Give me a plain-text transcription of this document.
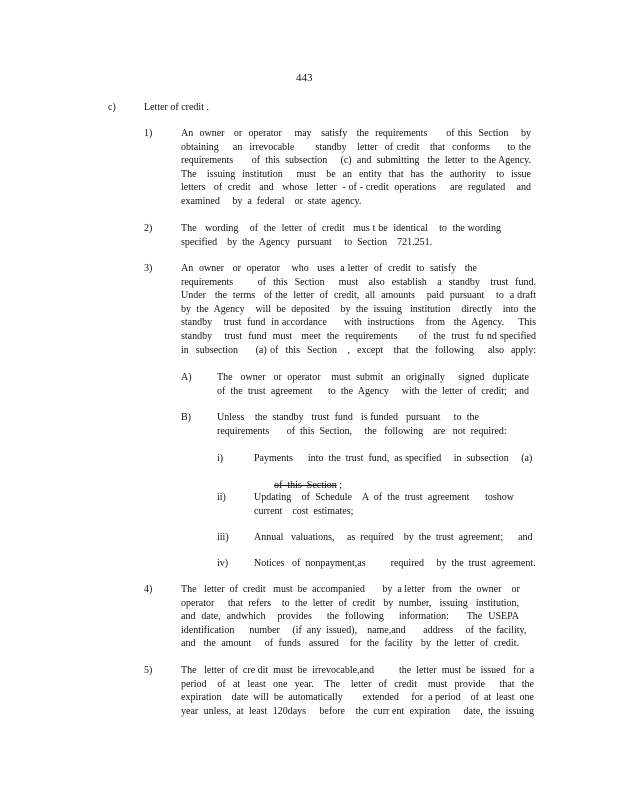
443
c)	Letter of credit .
1)	An  owner   or  operator    may   satisfy   the  requirements      of this  Section    by
obtaining    an  irrevocable      standby   letter  of credit   that  conforms     to the
requirements       of  this  subsection     (c)  and  submitting   the  letter  to  the Agency.
The   issuing  institution    must   be  an  entity  that  has  the  authority   to  issue
letters   of  credit   and   whose   letter  - of - credit  operations     are  regulated    and
examined     by  a  federal    or  state  agency.
2)	The   wording    of  the  letter  of  credit   mus t be  identical    to  the wording
specified    by  the  Agency   pursuant     to  Section    721.251.
3)	An  owner   or  operator    who   uses  a letter  of  credit  to  satisfy   the
requirements       of  this  Section    must   also  establish   a  standby   trust  fund.
Under   the  terms   of the  letter  of  credit,  all  amounts    paid  pursuant    to  a draft
by  the  Agency    will  be  deposited    by  the  issuing   institution    directly    into  the
standby    trust  fund  in accordance      with  instructions    from   the  Agency.     This
standby    trust  fund  must   meet  the  requirements       of  the  trust  fu nd specified
in  subsection     (a) of  this  Section   ,  except   that  the  following    also  apply:
A)	The   owner   or  operator    must  submit   an  originally     signed   duplicate
of  the  trust  agreement      to  the  Agency     with  the  letter  of  credit;   and
B)	Unless    the  standby   trust  fund   is funded   pursuant     to  the
requirements       of  this  Section,     the   following    are   not  required:
i)	Payments      into  the  trust  fund,  as specified     in  subsection     (a)

of  this  Section ;

ii)	Updating    of  Schedule    A  of  the  trust  agreement      toshow
current    cost  estimates;
iii)	Annual   valuations,     as  required    by  the  trust  agreement;      and
iv)	Notices   of  nonpayment,as          required     by  the  trust  agreement.
4)	The   letter  of  credit   must  be  accompanied       by  a letter   from   the  owner    or
operator     that  refers    to  the  letter  of  credit   by  number,   issuing   institution,
and  date,  andwhich    provides     the  following     information:      The  USEPA
identification      number     (if  any  issued),    name,and       address     of  the  facility,
and   the  amount     of  funds   assured    for  the  facility   by  the  letter  of  credit.
5)	The   letter  of  cre dit  must  be  irrevocable,and          the  letter  must  be  issued   for  a
period   of  at  least  one  year.   The   letter  of  credit   must  provide    that  the
expiration    date  will  be  automatically        extended     for  a period    of  at  least  one
year  unless,  at  least  120days     before    the  curr ent  expiration     date,  the  issuing
